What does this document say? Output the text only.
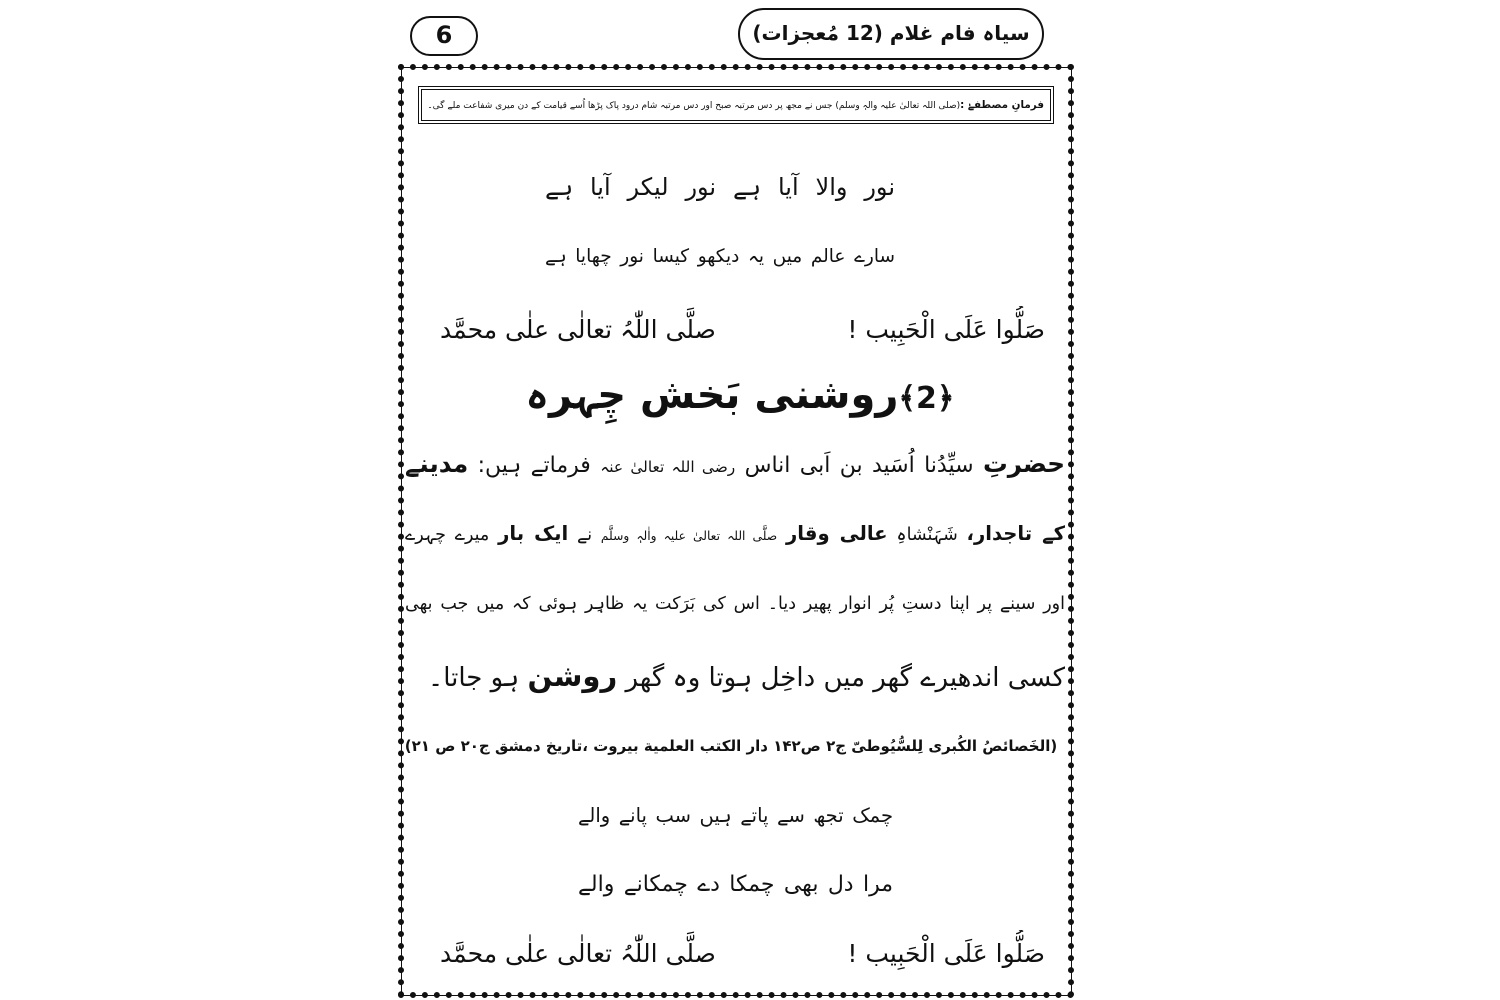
6	سیاہ فام غلام (12 مُعجزات)
فرمانِ مصطفےٰ :(صلی اللہ تعالیٰ علیہ والہٖ وسلم) جس نے مجھ پر دس مرتبہ صبح اور دس مرتبہ شام درود پاک پڑھا اُسے قیامت کے دن میری شفاعت ملے گی۔
نور والا آیا ہے نور لیکر آیا ہے
سارے عالم میں یہ دیکھو کیسا نور چھایا ہے
صَلُّوا عَلَی الْحَبِیب !
صلَّی اللّٰہُ تعالٰی علٰی محمَّد
﴿2﴾روشنی بَخش چِہرہ
حضرتِ سیِّدُنا اُسَید بن اَبی اناس رضی اللہ تعالیٰ عنہ فرماتے ہیں: مدینے
کے تاجدار، شَہَنْشاہِ عالی وقار صلَّی اللہ تعالیٰ علیہ واٰلہٖ وسلَّم نے ایک بار میرے چہرے
اور سینے پر اپنا دستِ پُر انوار پھیر دیا۔ اس کی بَرَکت یہ ظاہِر ہوئی کہ میں جب بھی
کسی اندھیرے گھر میں داخِل ہوتا وہ گھر روشن ہو جاتا۔
(الخَصائصُ الکُبری لِلسُّیُوطیّ ج۲ ص۱۴۲ دار الکتب العلمية بیروت ،تاریخ دمشق ج۲۰ ص ۲۱)
چمک تجھ سے پاتے ہیں سب پانے والے
مرا دل بھی چمکا دے چمکانے والے
صَلُّوا عَلَی الْحَبِیب !
صلَّی اللّٰہُ تعالٰی علٰی محمَّد
